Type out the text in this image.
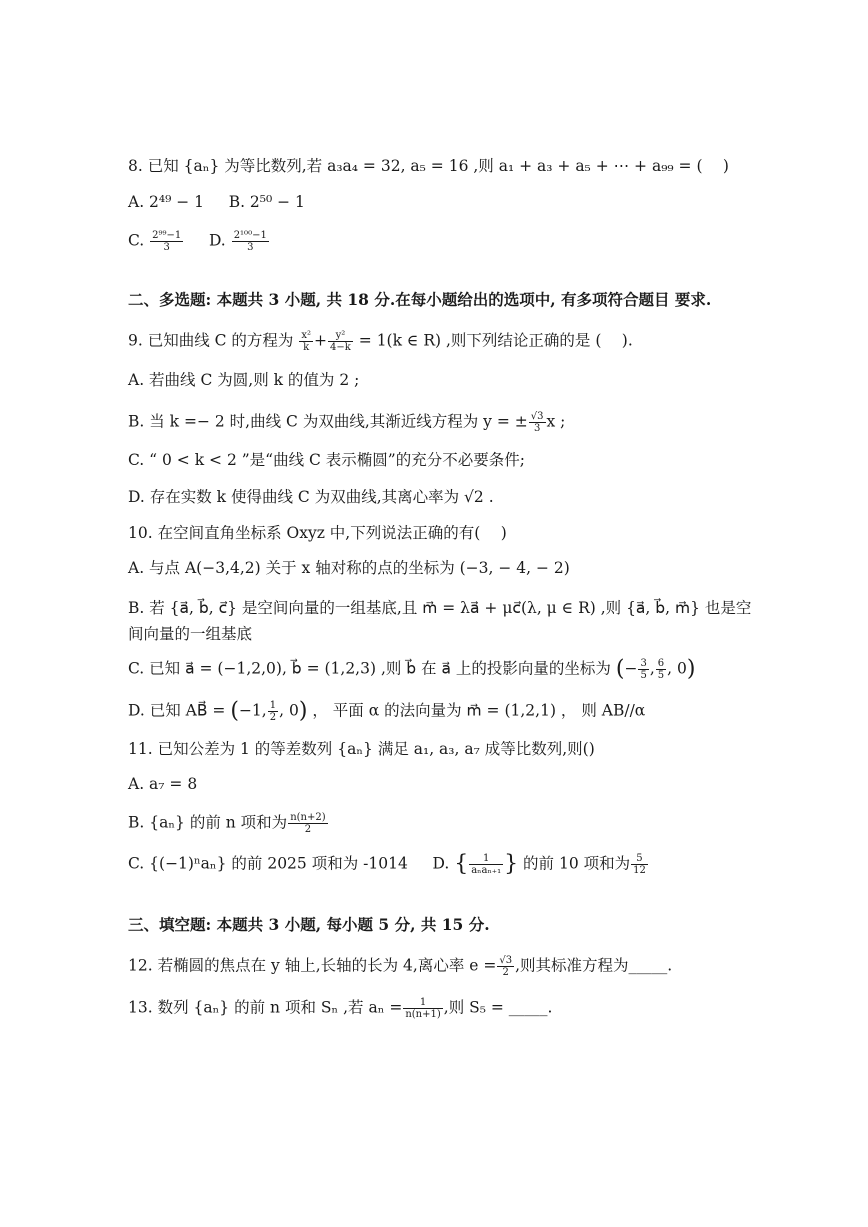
8. 已知 {aₙ} 为等比数列,若 a₃a₄ = 32, a₅ = 16 ,则 a₁ + a₃ + a₅ + ⋯ + a₉₉ = (　 )
A. 2⁴⁹ − 1 B. 2⁵⁰ − 1
C. $\frac{\text{2⁹⁹−1}}{3} D$. $\frac{\text{2¹⁰⁰−1}}{3}$
二、多选题: 本题共 3 小题, 共 18 分.在每小题给出的选项中, 有多项符合题目 要求.
9. 已知曲线 C 的方程为 $\frac{\text{x²}}{k} + \frac{\text{y²}}{4-k} = 1(k$ ∈ R) ,则下列结论正确的是 (　 ).
A. 若曲线 C 为圆,则 k 的值为 2 ;
B. 当 k =− 2 时,曲线 C 为双曲线,其渐近线方程为 y = ± $\frac{√3}{3}$ x ;
C. “ 0 < k < 2 ”是“曲线 C 表示椭圆”的充分不必要条件;
D. 存在实数 k 使得曲线 C 为双曲线,其离心率为 √2 .
10. 在空间直角坐标系 Oxyz 中,下列说法正确的有(　 )
A. 与点 A(−3,4,2) 关于 x 轴对称的点的坐标为 (−3, − 4, − 2)
B. 若 {a⃗, b⃗, c⃗} 是空间向量的一组基底,且 m⃗ = λa⃗ + μc⃗(λ, μ ∈ R) ,则 {a⃗, b⃗, m⃗} 也是空
间向量的一组基底
C. 已知 a⃗ = (−1,2,0), b⃗ = (1,2,3) ,则 b⃗ 在 a⃗ 上的投影向量的坐标为 (− $\frac{3}{5}$ , $\frac{6}{5}$ , 0)
D. 已知 AB⃗ = (−1, $\frac{1}{2}$ , 0) ， 平面 α 的法向量为 m⃗ = (1,2,1) ， 则 AB//α
11. 已知公差为 1 的等差数列 {aₙ} 满足 a₁, a₃, a₇ 成等比数列,则()
A. a₇ = 8
B. {aₙ} 的前 n 项和为 $\frac{n(n+2)}{2}$
C. {(−1)ⁿaₙ} 的前 2025 项和为 -1014 D. { $\frac{1}{\text{aₙaₙ₊₁}}$ } 的前 10 项和为 $\frac{5}{12}$
三、填空题: 本题共 3 小题, 每小题 5 分, 共 15 分.
12. 若椭圆的焦点在 y 轴上,长轴的长为 4,离心率 $e = \frac{√3}{2}$ ,则其标准方程为_____.
13. 数列 {aₙ} 的前 n 项和 Sₙ ,若 $a_n = \frac{1}{n(n+1)}$ ,则 S₅ = _____.
